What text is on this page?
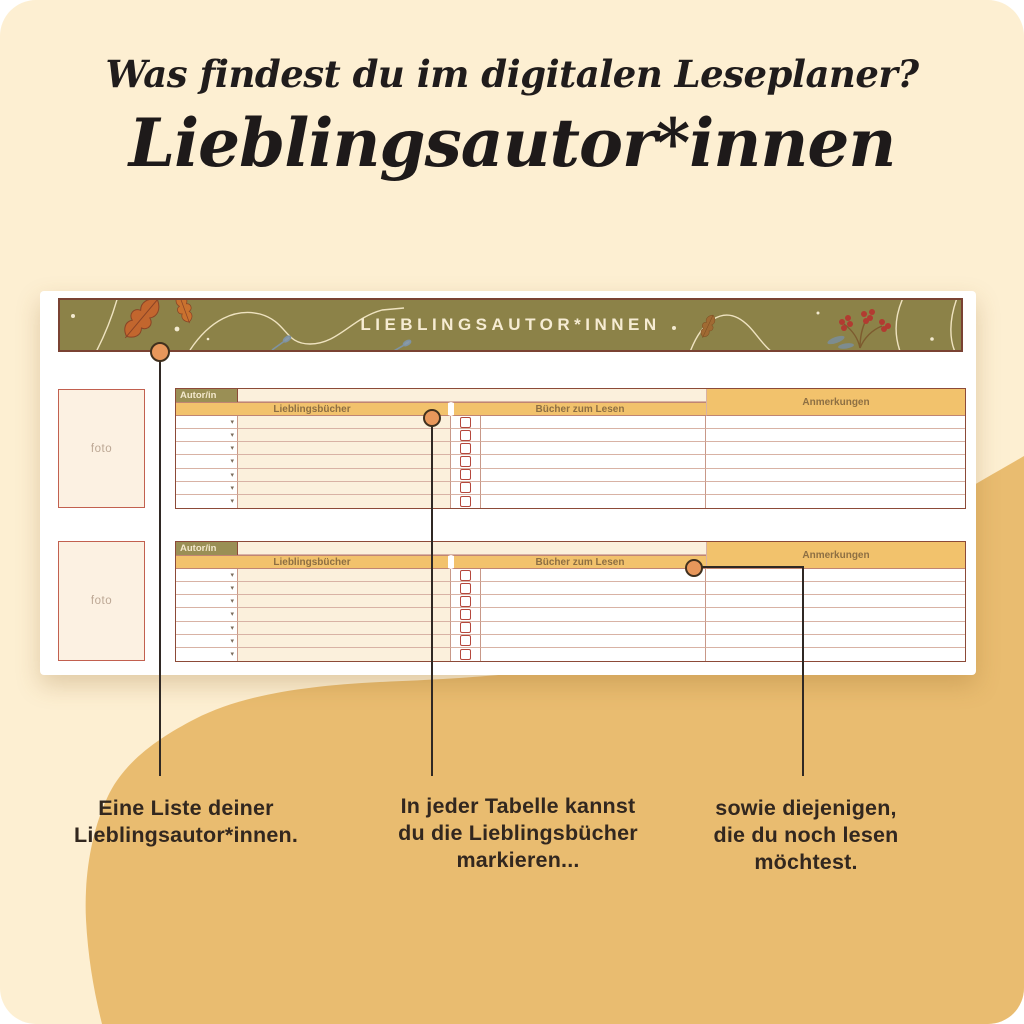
Was findest du im digitalen Leseplaner?
Lieblingsautor*innen
LIEBLINGSAUTOR*INNEN
foto
foto
Autor/in
Anmerkungen
Lieblingsbücher	Bücher zum Lesen
▾
▾
▾
▾
▾
▾
▾
Autor/in
Anmerkungen
Lieblingsbücher	Bücher zum Lesen
▾
▾
▾
▾
▾
▾
▾
Eine Liste deiner
Lieblingsautor*innen.
In jeder Tabelle kannst
du die Lieblingsbücher
markieren...
sowie diejenigen,
die du noch lesen
möchtest.
